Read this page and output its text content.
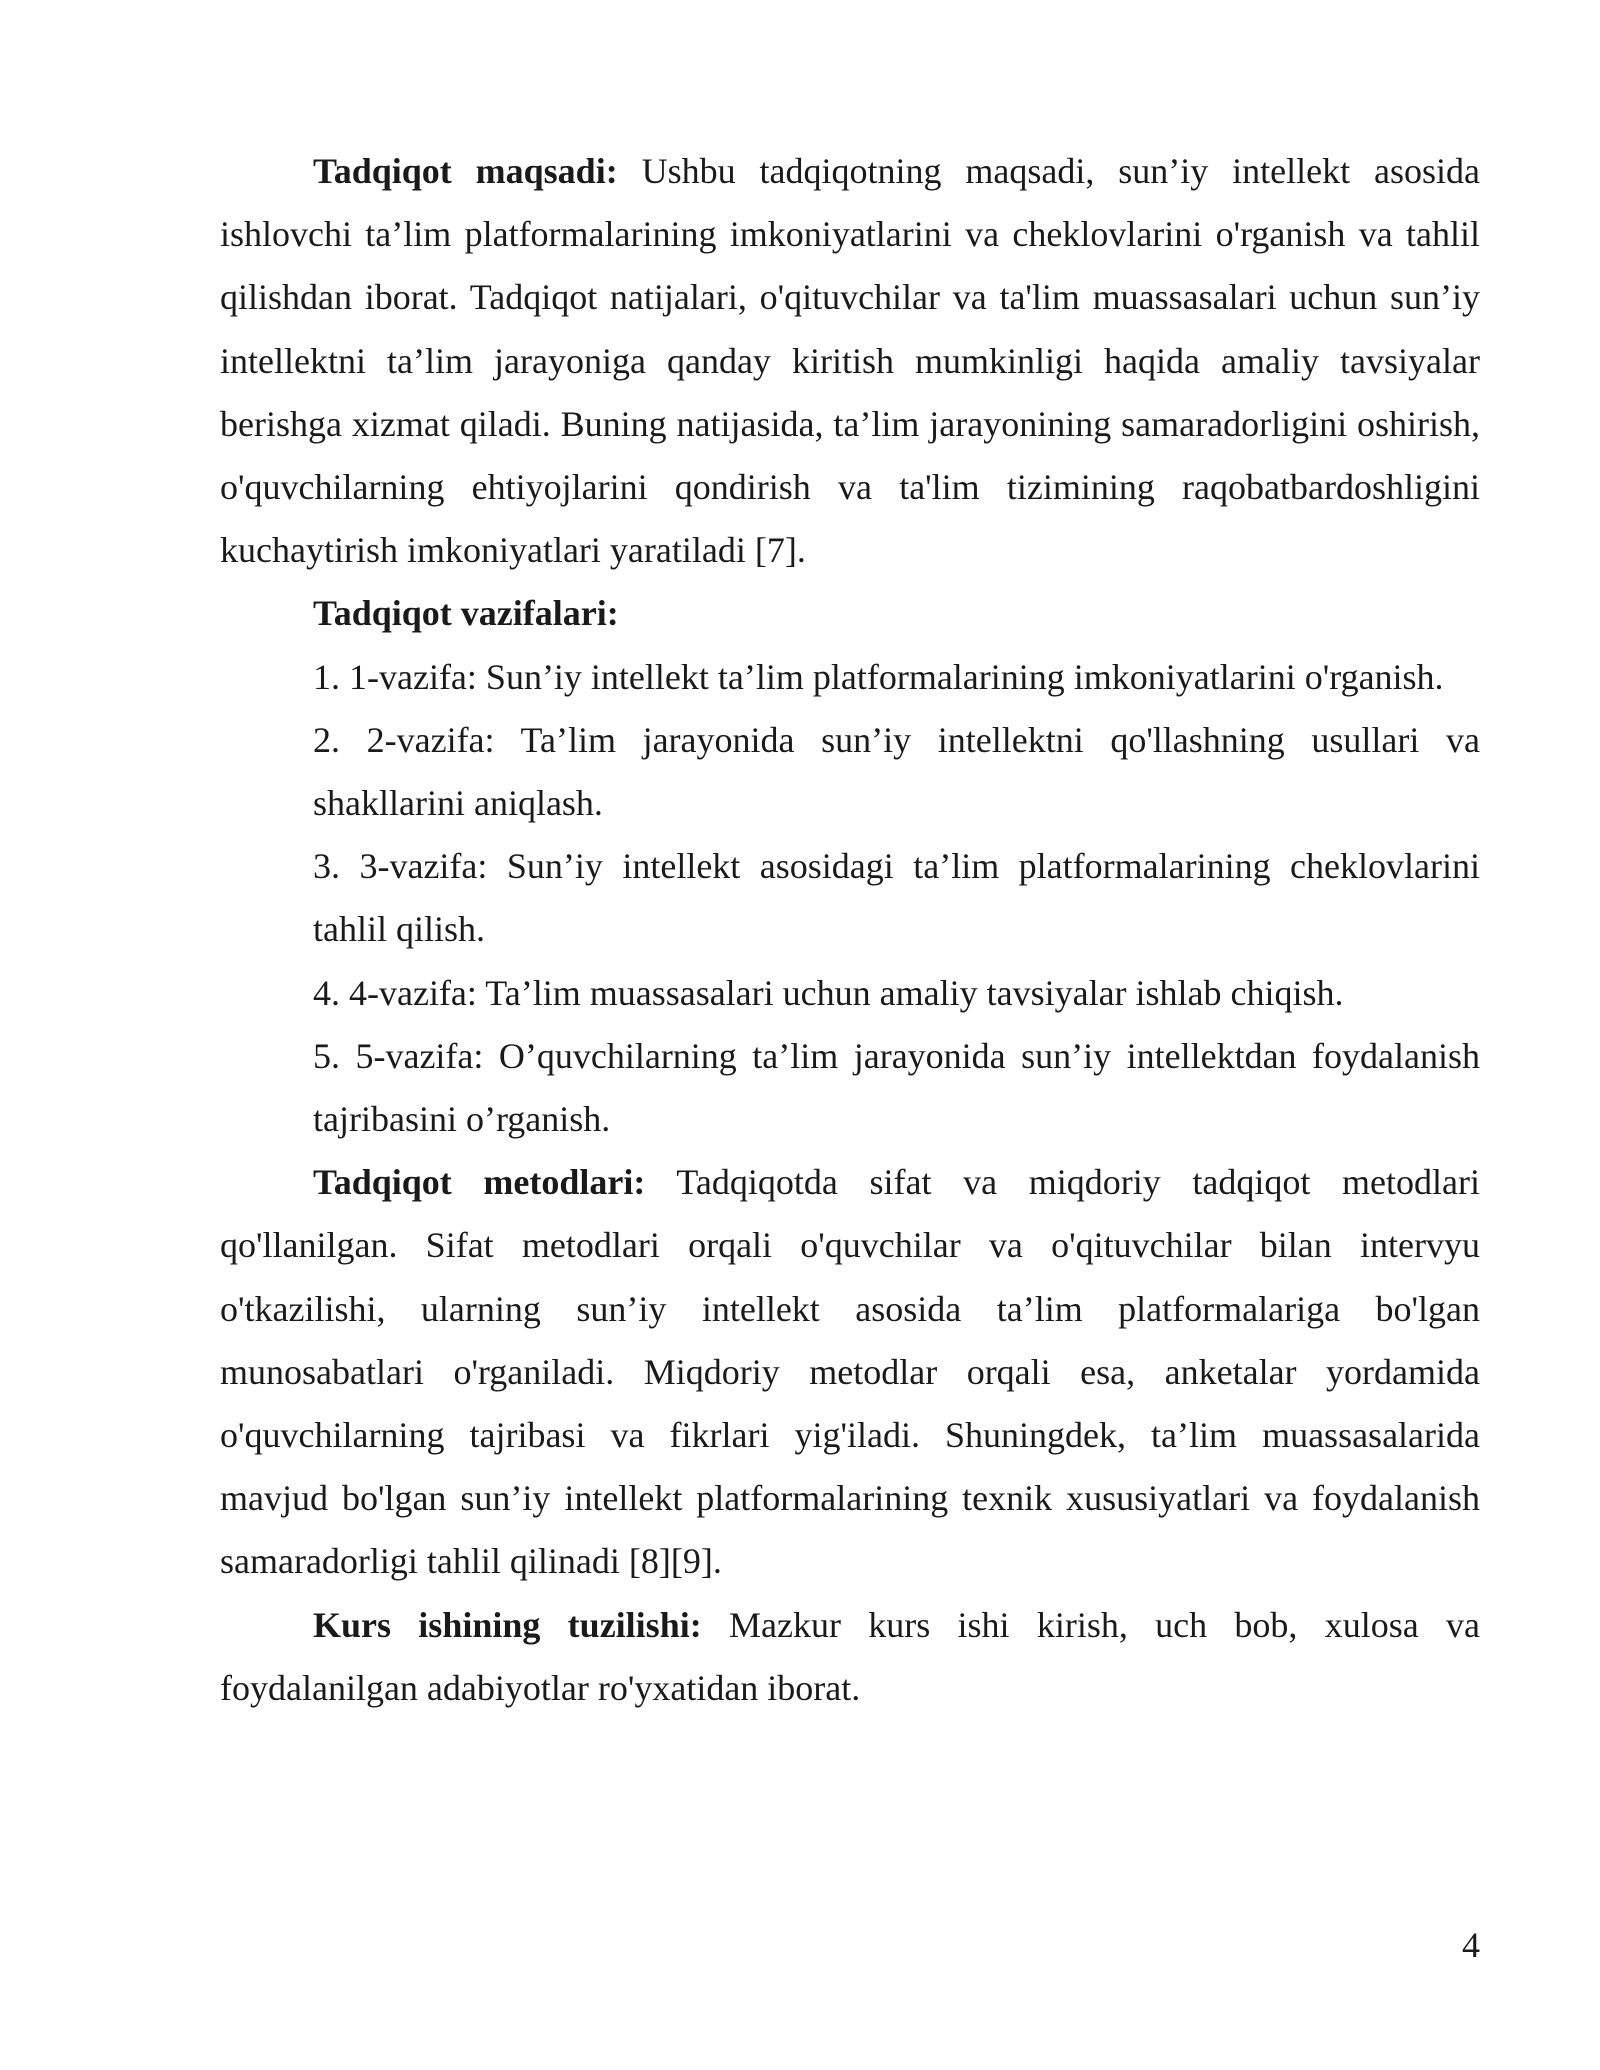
Tadqiqot maqsadi: Ushbu tadqiqotning maqsadi, sun’iy intellekt asosida ishlovchi ta’lim platformalarining imkoniyatlarini va cheklovlarini o'rganish va tahlil qilishdan iborat. Tadqiqot natijalari, o'qituvchilar va ta'lim muassasalari uchun sun’iy intellektni ta’lim jarayoniga qanday kiritish mumkinligi haqida amaliy tavsiyalar berishga xizmat qiladi. Buning natijasida, ta’lim jarayonining samaradorligini oshirish, o'quvchilarning ehtiyojlarini qondirish va ta'lim tizimining raqobatbardoshligini kuchaytirish imkoniyatlari yaratiladi [7].

Tadqiqot vazifalari:

1. 1-vazifa: Sun’iy intellekt ta’lim platformalarining imkoniyatlarini o'rganish.

2. 2-vazifa: Ta’lim jarayonida sun’iy intellektni qo'llashning usullari va shakllarini aniqlash.

3. 3-vazifa: Sun’iy intellekt asosidagi ta’lim platformalarining cheklovlarini tahlil qilish.

4. 4-vazifa: Ta’lim muassasalari uchun amaliy tavsiyalar ishlab chiqish.

5. 5-vazifa: O’quvchilarning ta’lim jarayonida sun’iy intellektdan foydalanish tajribasini o’rganish.

Tadqiqot metodlari: Tadqiqotda sifat va miqdoriy tadqiqot metodlari qo'llanilgan. Sifat metodlari orqali o'quvchilar va o'qituvchilar bilan intervyu o'tkazilishi, ularning sun’iy intellekt asosida ta’lim platformalariga bo'lgan munosabatlari o'rganiladi. Miqdoriy metodlar orqali esa, anketalar yordamida o'quvchilarning tajribasi va fikrlari yig'iladi. Shuningdek, ta’lim muassasalarida mavjud bo'lgan sun’iy intellekt platformalarining texnik xususiyatlari va foydalanish samaradorligi tahlil qilinadi [8][9].

Kurs ishining tuzilishi: Mazkur kurs ishi kirish, uch bob, xulosa va foydalanilgan adabiyotlar ro'yxatidan iborat.

4
